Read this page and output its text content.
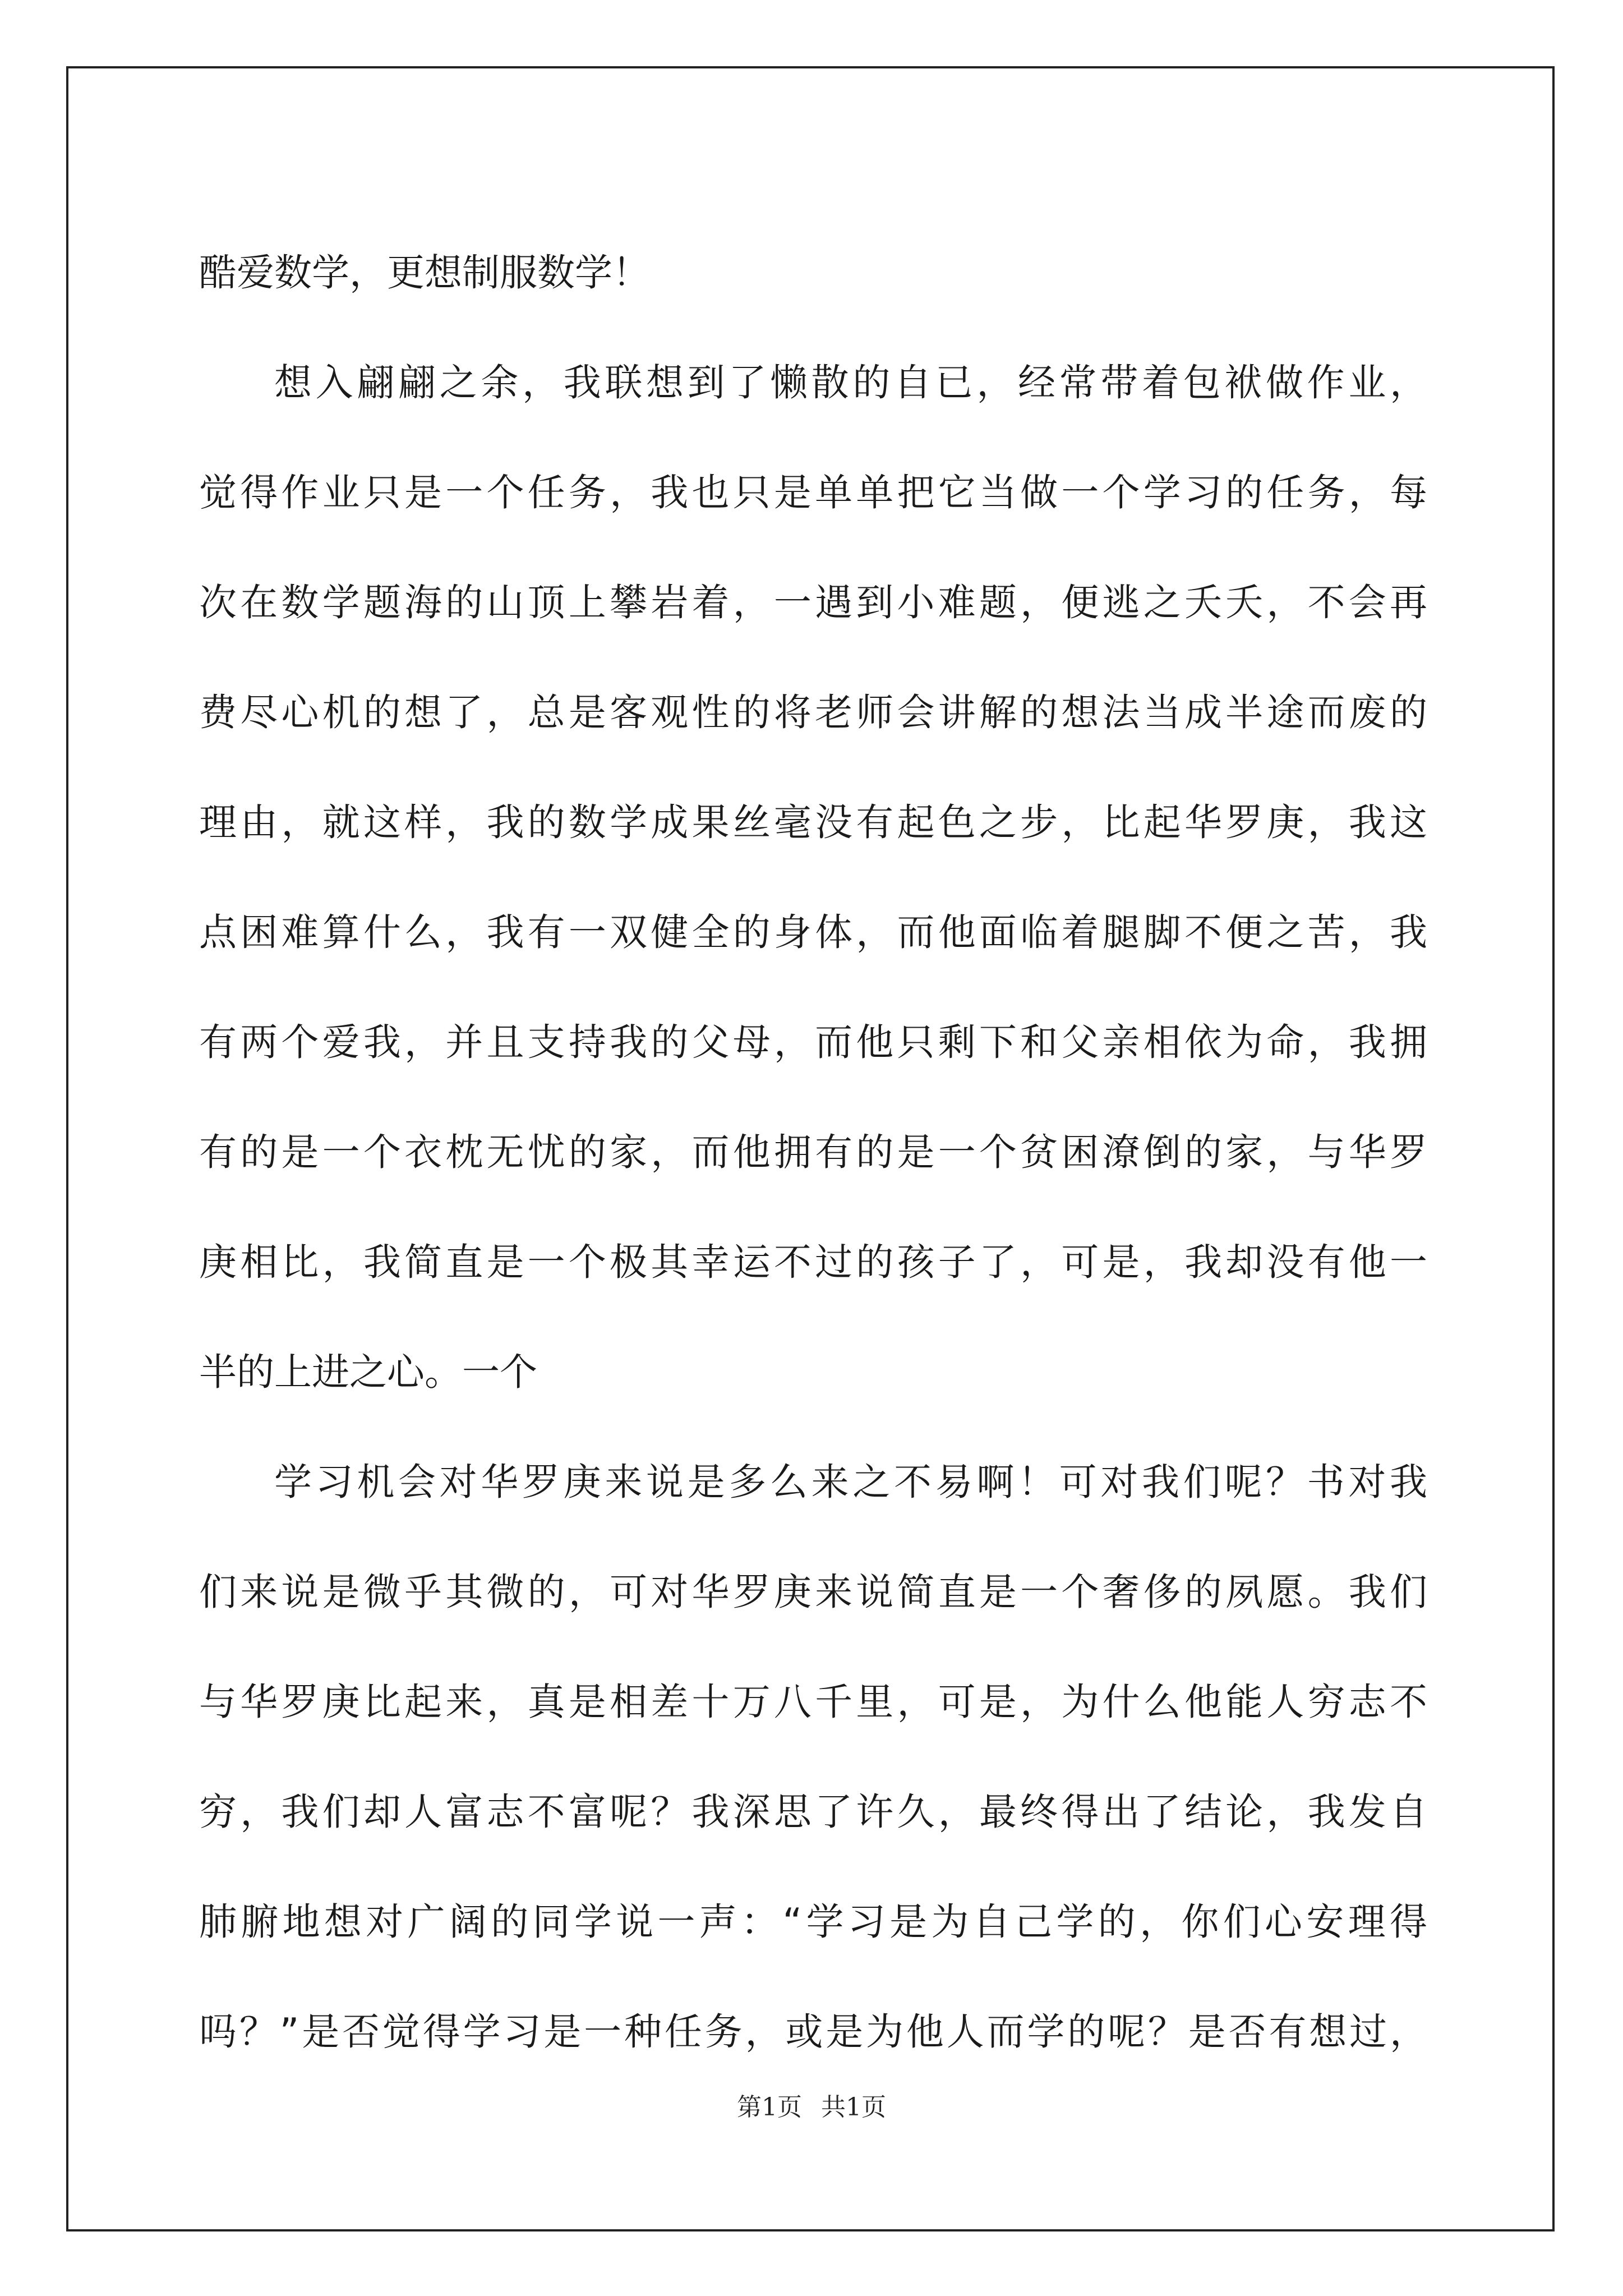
酷爱数学，更想制服数学！
想入翩翩之余，我联想到了懒散的自已，经常带着包袱做作业，
觉得作业只是一个任务，我也只是单单把它当做一个学习的任务，每
次在数学题海的山顶上攀岩着，一遇到小难题，便逃之夭夭，不会再
费尽心机的想了，总是客观性的将老师会讲解的想法当成半途而废的
理由，就这样，我的数学成果丝毫没有起色之步，比起华罗庚，我这
点困难算什么，我有一双健全的身体，而他面临着腿脚不便之苦，我
有两个爱我，并且支持我的父母，而他只剩下和父亲相依为命，我拥
有的是一个衣枕无忧的家，而他拥有的是一个贫困潦倒的家，与华罗
庚相比，我简直是一个极其幸运不过的孩子了，可是，我却没有他一
半的上进之心。一个
学习机会对华罗庚来说是多么来之不易啊！可对我们呢？书对我
们来说是微乎其微的，可对华罗庚来说简直是一个奢侈的夙愿。我们
与华罗庚比起来，真是相差十万八千里，可是，为什么他能人穷志不
穷，我们却人富志不富呢？我深思了许久，最终得出了结论，我发自
肺腑地想对广阔的同学说一声：“学习是为自己学的，你们心安理得
吗？”是否觉得学习是一种任务，或是为他人而学的呢？是否有想过，
第1页 共1页
